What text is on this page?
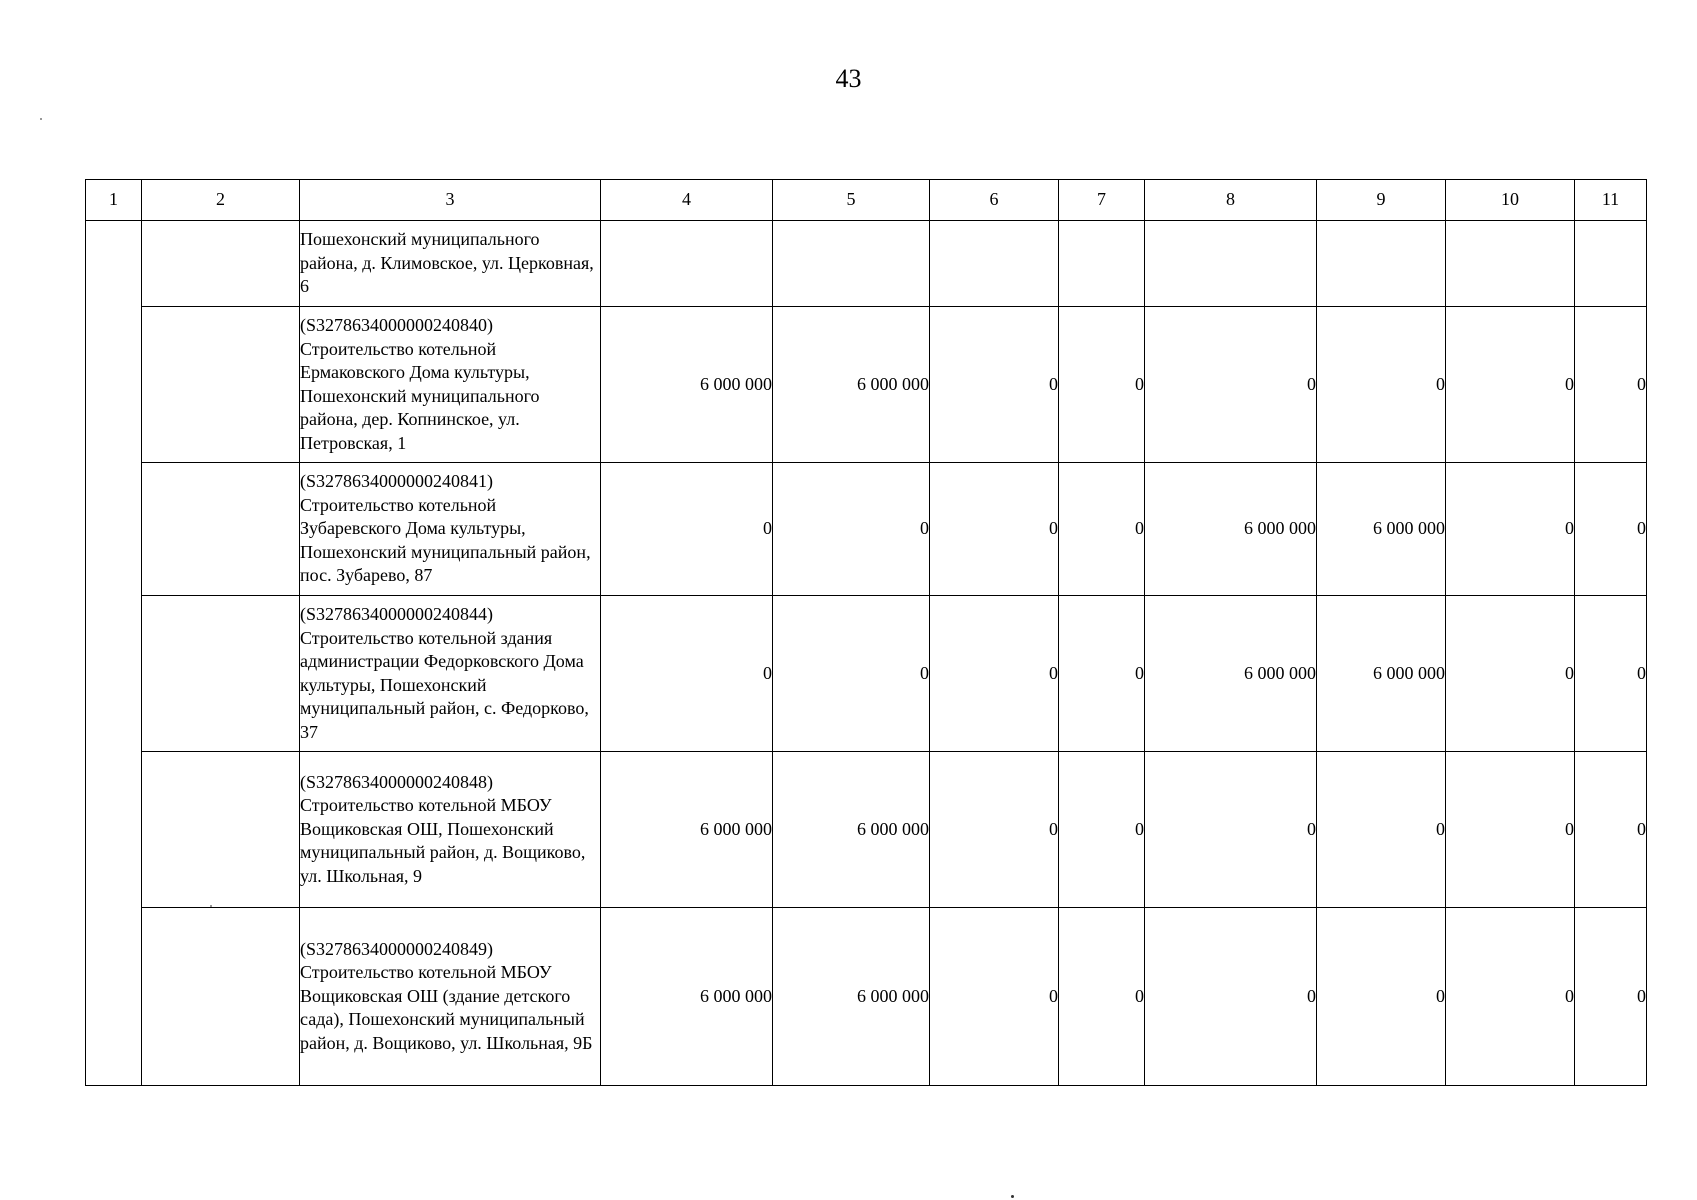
43
1	2	3	4	5	6	7	8	9	10	11
		Пошехонский муниципального района, д. Климовское, ул. Церковная, 6								
		(S3278634000000240840) Строительство котельной Ермаковского Дома культуры, Пошехонский муниципального района, дер. Копнинское, ул. Петровская, 1	6 000 000	6 000 000	0	0	0	0	0	0
		(S3278634000000240841) Строительство котельной Зубаревского Дома культуры, Пошехонский муниципальный район, пос. Зубарево, 87	0	0	0	0	6 000 000	6 000 000	0	0
		(S3278634000000240844) Строительство котельной здания администрации Федорковского Дома культуры, Пошехонский муниципальный район, с. Федорково, 37	0	0	0	0	6 000 000	6 000 000	0	0
		(S3278634000000240848) Строительство котельной МБОУ Вощиковская ОШ, Пошехонский муниципальный район, д. Вощиково, ул. Школьная, 9	6 000 000	6 000 000	0	0	0	0	0	0
		(S3278634000000240849) Строительство котельной МБОУ Вощиковская ОШ (здание детского сада), Пошехонский муниципальный район, д. Вощиково, ул. Школьная, 9Б	6 000 000	6 000 000	0	0	0	0	0	0
